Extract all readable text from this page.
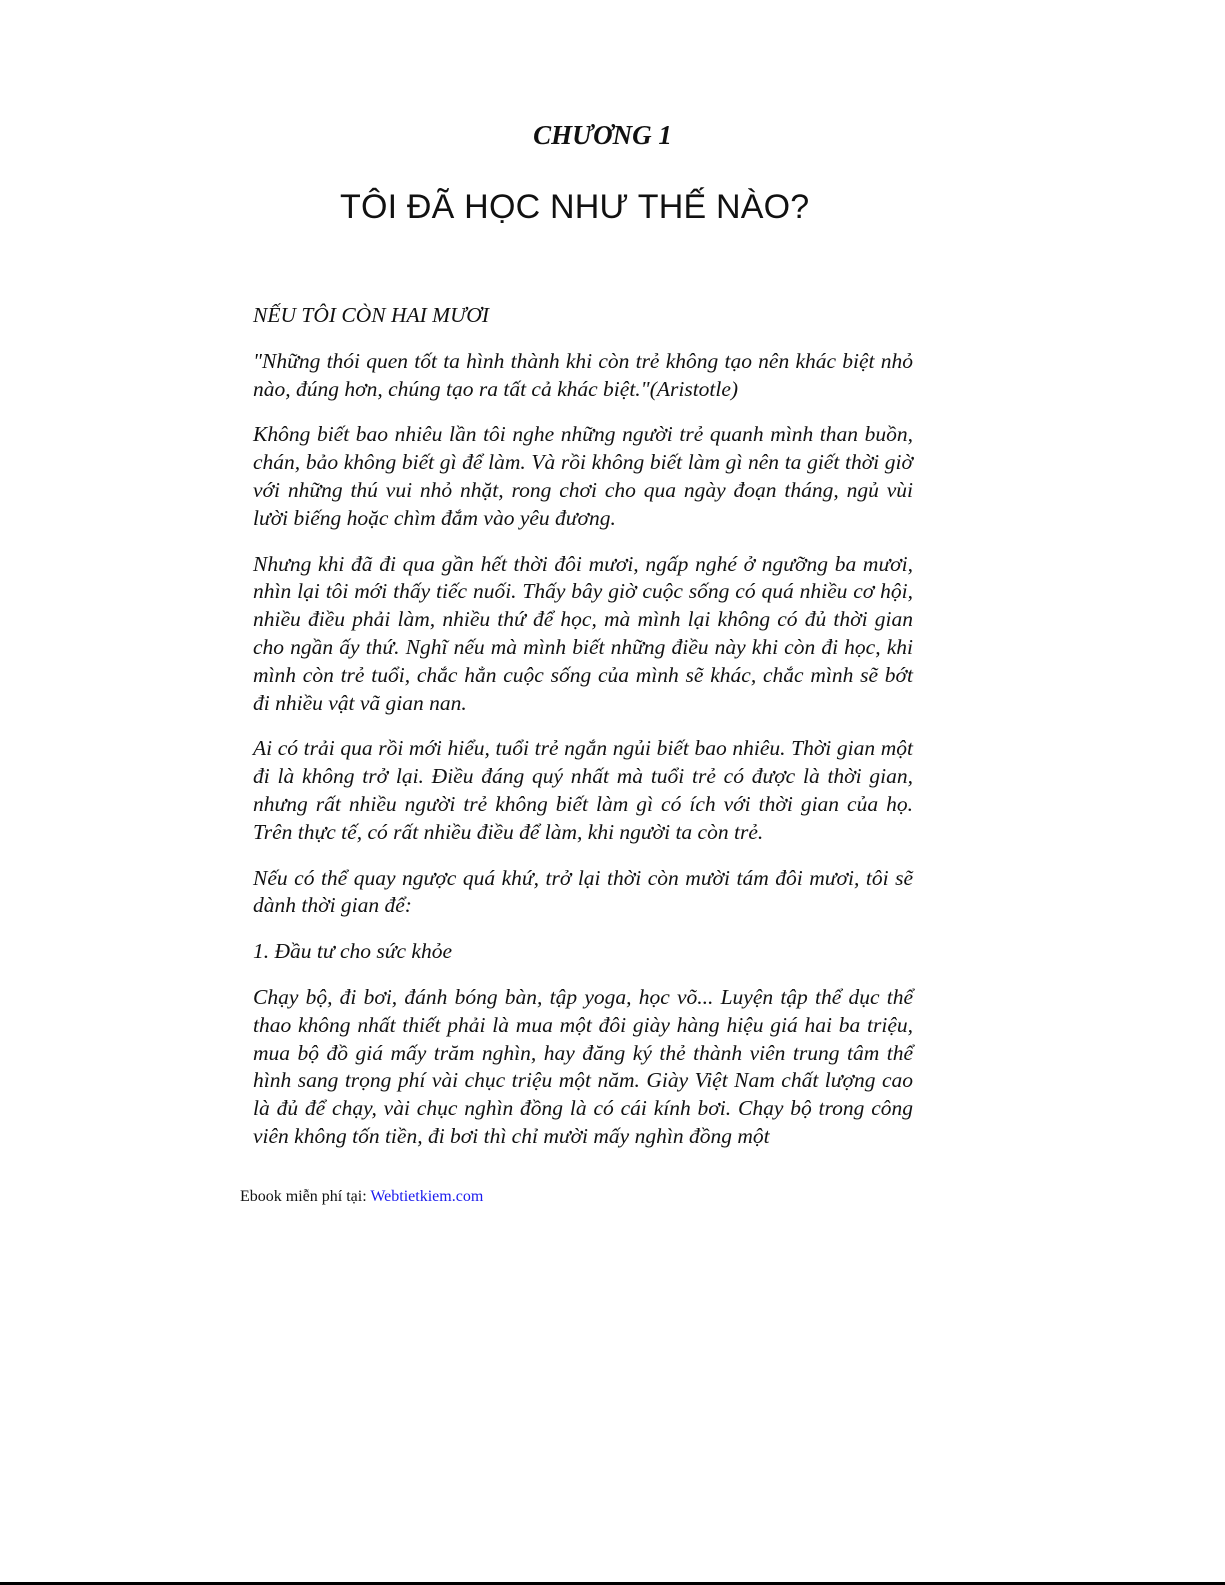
CHƯƠNG 1
TÔI ĐÃ HỌC NHƯ THẾ NÀO?

NẾU TÔI CÒN HAI MƯƠI

"Những thói quen tốt ta hình thành khi còn trẻ không tạo nên khác biệt nhỏ nào, đúng hơn, chúng tạo ra tất cả khác biệt."(Aristotle)

Không biết bao nhiêu lần tôi nghe những người trẻ quanh mình than buồn, chán, bảo không biết gì để làm. Và rồi không biết làm gì nên ta giết thời giờ với những thú vui nhỏ nhặt, rong chơi cho qua ngày đoạn tháng, ngủ vùi lười biếng hoặc chìm đắm vào yêu đương.

Nhưng khi đã đi qua gần hết thời đôi mươi, ngấp nghé ở ngưỡng ba mươi, nhìn lại tôi mới thấy tiếc nuối. Thấy bây giờ cuộc sống có quá nhiều cơ hội, nhiều điều phải làm, nhiều thứ để học, mà mình lại không có đủ thời gian cho ngần ấy thứ. Nghĩ nếu mà mình biết những điều này khi còn đi học, khi mình còn trẻ tuổi, chắc hẳn cuộc sống của mình sẽ khác, chắc mình sẽ bớt đi nhiều vật vã gian nan.

Ai có trải qua rồi mới hiểu, tuổi trẻ ngắn ngủi biết bao nhiêu. Thời gian một đi là không trở lại. Điều đáng quý nhất mà tuổi trẻ có được là thời gian, nhưng rất nhiều người trẻ không biết làm gì có ích với thời gian của họ. Trên thực tế, có rất nhiều điều để làm, khi người ta còn trẻ.

Nếu có thể quay ngược quá khứ, trở lại thời còn mười tám đôi mươi, tôi sẽ dành thời gian để:

1. Đầu tư cho sức khỏe

Chạy bộ, đi bơi, đánh bóng bàn, tập yoga, học võ... Luyện tập thể dục thể thao không nhất thiết phải là mua một đôi giày hàng hiệu giá hai ba triệu, mua bộ đồ giá mấy trăm nghìn, hay đăng ký thẻ thành viên trung tâm thể hình sang trọng phí vài chục triệu một năm. Giày Việt Nam chất lượng cao là đủ để chạy, vài chục nghìn đồng là có cái kính bơi. Chạy bộ trong công viên không tốn tiền, đi bơi thì chỉ mười mấy nghìn đồng một

Ebook miễn phí tại: Webtietkiem.com
